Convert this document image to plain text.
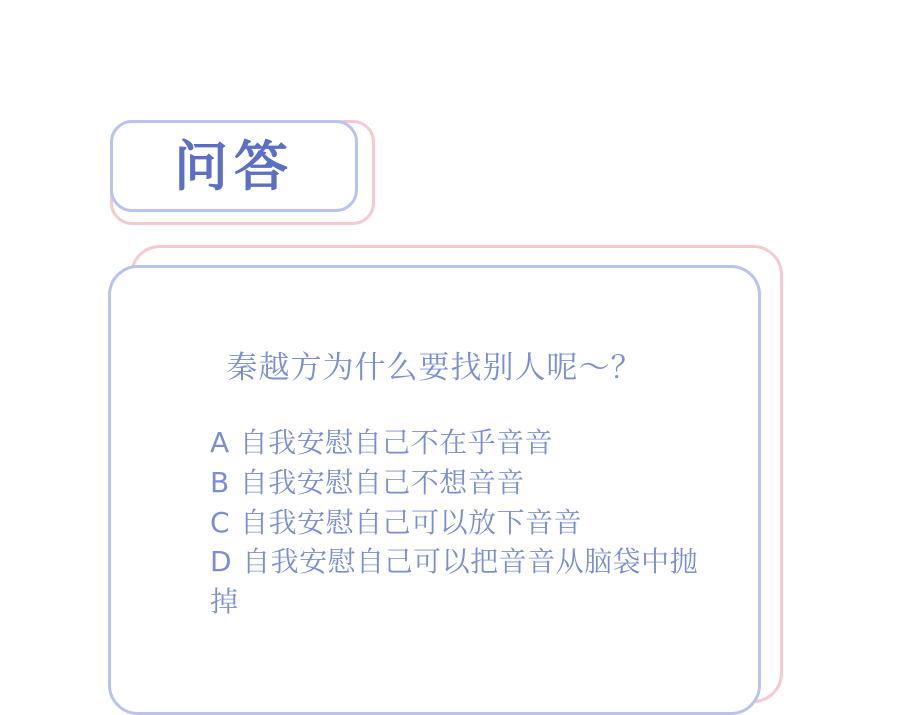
问答
秦越方为什么要找别人呢～？
A 自我安慰自己不在乎音音
B 自我安慰自己不想音音
C 自我安慰自己可以放下音音
D 自我安慰自己可以把音音从脑袋中抛掉
